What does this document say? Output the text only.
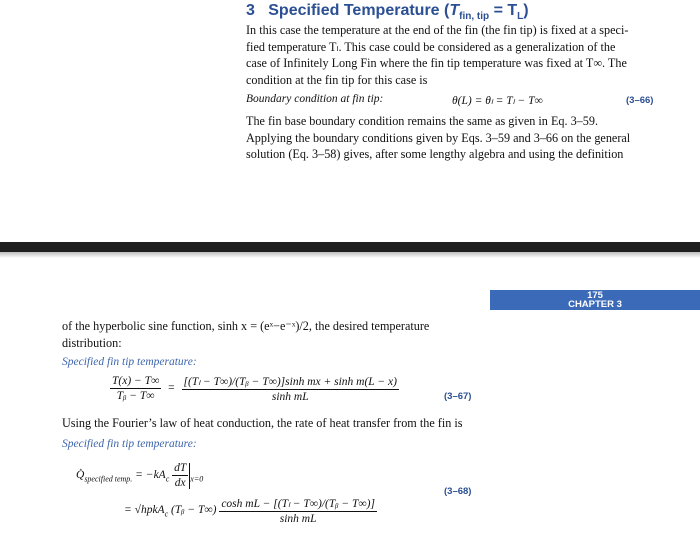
3 Specified Temperature $(T_{fin, tip} = T_L)$
In this case the temperature at the end of the fin (the fin tip) is fixed at a speci-
fied temperature Tₗ. This case could be considered as a generalization of the
case of Infinitely Long Fin where the fin tip temperature was fixed at T∞. The
condition at the fin tip for this case is
Boundary condition at fin tip:	θ(L) = θₗ = Tₗ − T∞	(3–66)
The fin base boundary condition remains the same as given in Eq. 3–59.
Applying the boundary conditions given by Eqs. 3–59 and 3–66 on the general
solution (Eq. 3–58) gives, after some lengthy algebra and using the definition
175
CHAPTER 3
of the hyperbolic sine function, sinh x = (eˣ−e⁻ˣ)/2, the desired temperature
distribution:
Specified fin tip temperature:
$\frac{T(x) - T\infty}{\text{Tᵦ − T∞}} = \frac{\text{[(Tₗ − T∞)/(Tᵦ − T∞)]sinh mx + sinh m(L − x)}}{\text{sinh mL}}$	(3–67)
Using the Fourier’s law of heat conduction, the rate of heat transfer from the fin is
Specified fin tip temperature:
$Q̇_{specified temp.} = -kA_c \frac{dT}{dx} _{x=0}$
(3–68)
= √hpkA$_c$ (Tᵦ − $T\infty) \frac{\text{cosh mL − [(Tₗ − T∞)/(Tᵦ − T∞)]}}{\text{sinh mL}}$
